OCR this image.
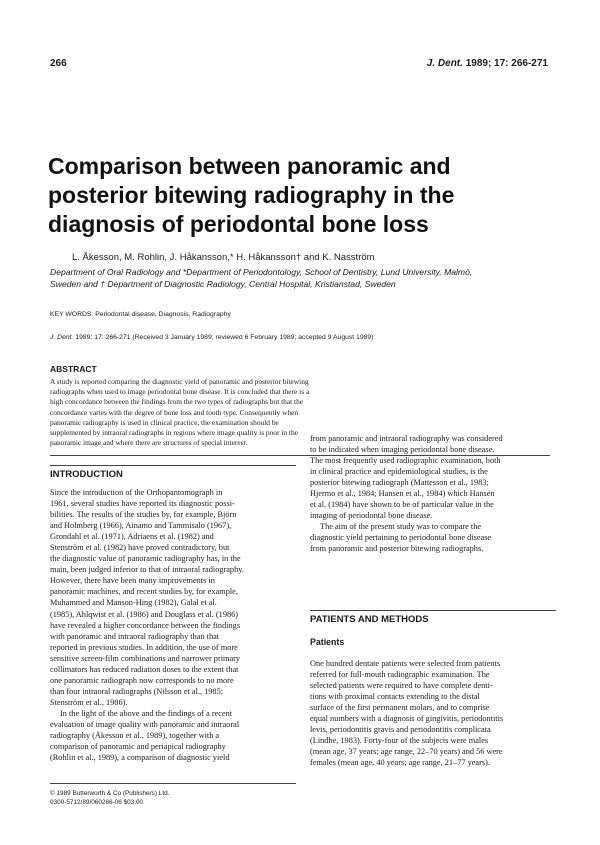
266	J. Dent. 1989; 17: 266-271
Comparison between panoramic and
posterior bitewing radiography in the
diagnosis of periodontal bone loss
L. Åkesson, M. Rohlin, J. Håkansson,* H. Håkansson† and K. Nasström
Department of Oral Radiology and *Department of Periodontology, School of Dentistry, Lund University, Malmö,
Sweden and † Department of Diagnostic Radiology, Central Hospital, Kristianstad, Sweden
KEY WORDS: Periodontal disease, Diagnosis, Radiography
J. Dent. 1989; 17: 266-271 (Received 3 January 1989; reviewed 6 February 1989; accepted 9 August 1989)
ABSTRACT
A study is reported comparing the diagnostic yield of panoramic and posterior bitewing
radiographs when used to image periodontal bone disease. It is concluded that there is a
high concordance between the findings from the two types of radiographs but that the
concordance varies with the degree of bone loss and tooth type. Consequently when
panoramic radiography is used in clinical practice, the examination should be
supplemented by intraoral radiographs in regions where image quality is poor in the
panoramic image and where there are structures of special interest.
INTRODUCTION
Since the introduction of the Orthopantomograph in
1961, several studies have reported its diagnostic possi-
bilities. The results of the studies by, for example, Björn
and Holmberg (1966), Ainamo and Tammisalo (1967),
Grondahl et al. (1971), Adriaens et al. (1982) and
Stenström et al. (1982) have proved contradictory, but
the diagnostic value of panoramic radiography has, in the
main, been judged inferior to that of intraoral radiography.
However, there have been many improvements in
panoramic machines, and recent studies by, for example,
Muhammed and Manson-Hing (1982), Galal et al.
(1985), Ahlqwist et al. (1986) and Douglass et al. (1986)
have revealed a higher concordance between the findings
with panoramic and intraoral radiography than that
reported in previous studies. In addition, the use of more
sensitive screen-film combinations and narrower primary
collimators has reduced radiation doses to the extent that
one panoramic radiograph now corresponds to no more
than four intraoral radiographs (Nilsson et al., 1985;
Stenström et al., 1986).
In the light of the above and the findings of a recent
evaluation of image quality with panoramic and intraoral
radiography (Åkesson et al., 1989), together with a
comparison of panoramic and periapical radiography
(Rohlin et al., 1989), a comparison of diagnostic yield
from panoramic and intraoral radiography was considered
to be indicated when imaging periodontal bone disease.
The most frequently used radiographic examination, both
in clinical practice and epidemiological studies, is the
posterior bitewing radiograph (Mattesson et al., 1983;
Hjermo et al., 1984; Hansen et al., 1984) which Hansen
et al. (1984) have shown to be of particular value in the
imaging of periodontal bone disease.
The aim of the present study was to compare the
diagnostic yield pertaining to periodontal bone disease
from panoramic and posterior bitewing radiographs.
PATIENTS AND METHODS
Patients
One hundred dentate patients were selected from patients
referred for full-mouth radiographic examination. The
selected patients were required to have complete denti-
tions with proximal contacts extending to the distal
surface of the first permanent molars, and to comprise
equal numbers with a diagnosis of gingivitis, periodontitis
levis, periodontitis gravis and periodontitis complicata
(Lindhe, 1983). Forty-four of the subjects were males
(mean age, 37 years; age range, 22–70 years) and 56 were
females (mean age, 40 years; age range, 21–77 years).
© 1989 Butterworth & Co (Publishers) Ltd.
0300-5712/89/060266-06 $03.00
